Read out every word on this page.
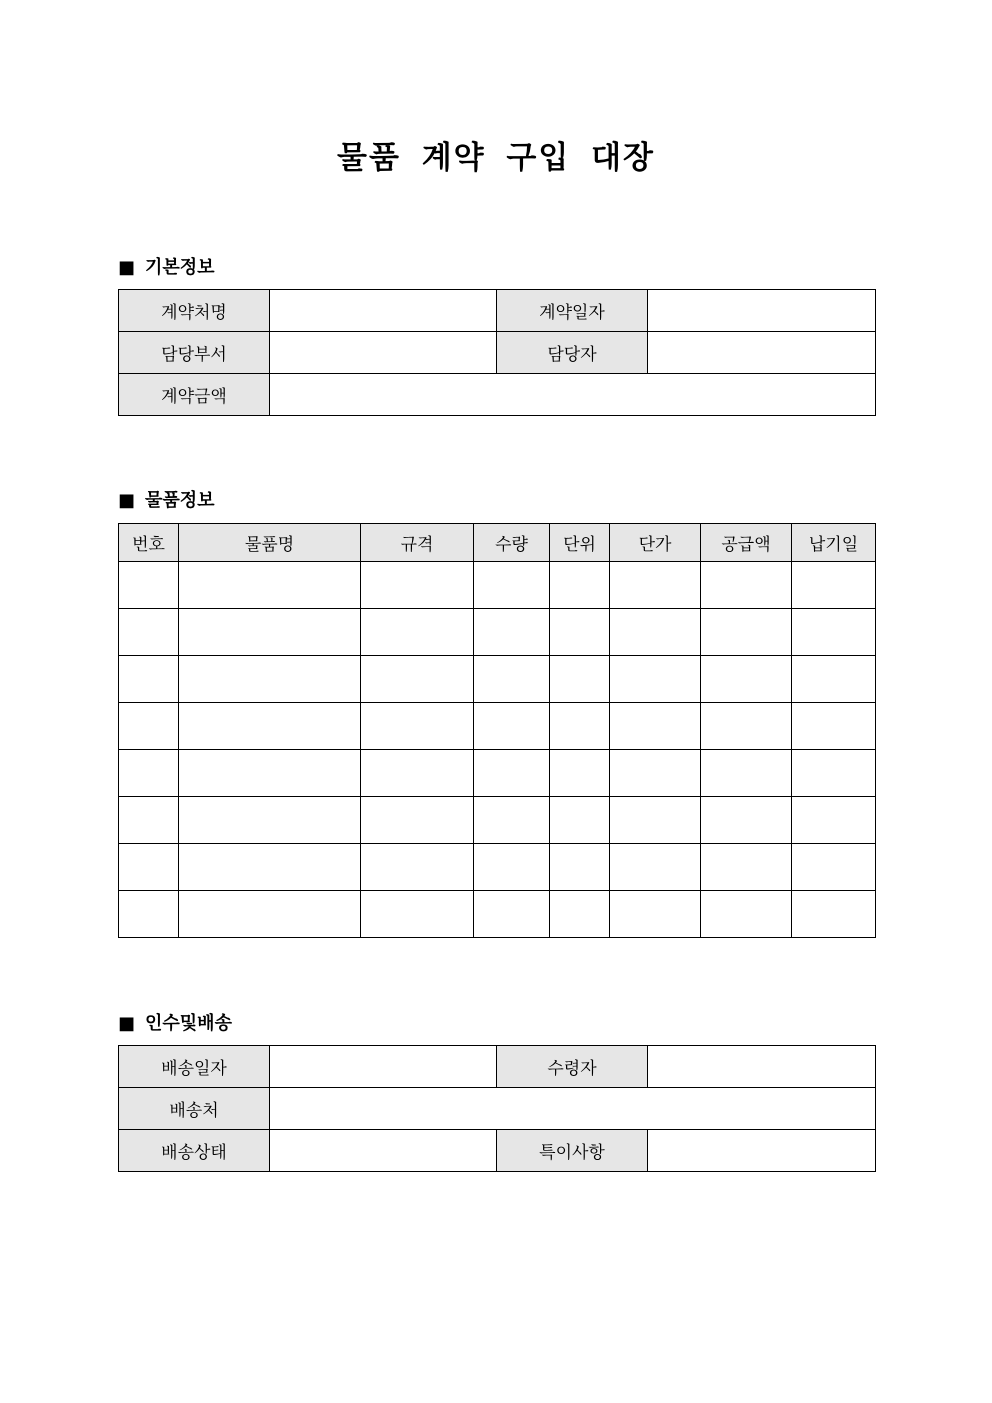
물품 계약 구입 대장
■ 기본정보
계약처명		계약일자	
담당부서		담당자	
계약금액			
■ 물품정보
번호	물품명	규격	수량	단위	단가	공급액	납기일

■ 인수및배송
배송일자		수령자	
배송처			
배송상태		특이사항	
